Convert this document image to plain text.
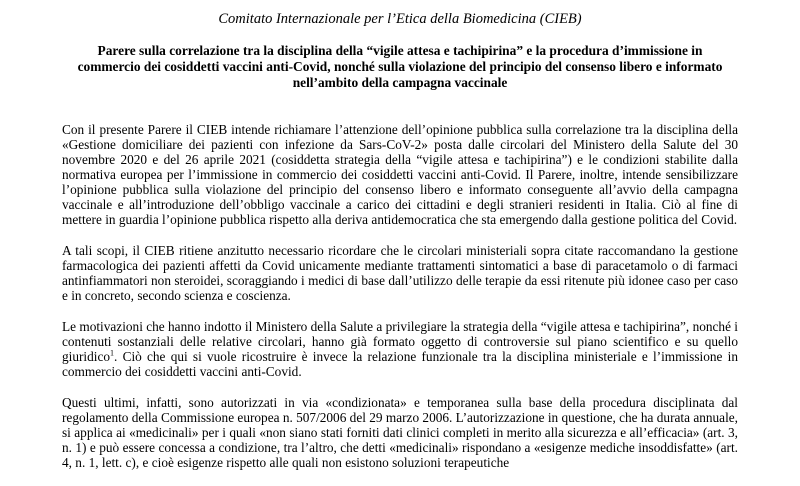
Comitato Internazionale per l’Etica della Biomedicina (CIEB)
Parere sulla correlazione tra la disciplina della “vigile attesa e tachipirina” e la procedura d’immissione in commercio dei cosiddetti vaccini anti-Covid, nonché sulla violazione del principio del consenso libero e informato nell’ambito della campagna vaccinale

Con il presente Parere il CIEB intende richiamare l’attenzione dell’opinione pubblica sulla correlazione tra la disciplina della «Gestione domiciliare dei pazienti con infezione da Sars-CoV-2» posta dalle circolari del Ministero della Salute del 30 novembre 2020 e del 26 aprile 2021 (cosiddetta strategia della “vigile attesa e tachipirina”) e le condizioni stabilite dalla normativa europea per l’immissione in commercio dei cosiddetti vaccini anti-Covid. Il Parere, inoltre, intende sensibilizzare l’opinione pubblica sulla violazione del principio del consenso libero e informato conseguente all’avvio della campagna vaccinale e all’introduzione dell’obbligo vaccinale a carico dei cittadini e degli stranieri residenti in Italia. Ciò al fine di mettere in guardia l’opinione pubblica rispetto alla deriva antidemocratica che sta emergendo dalla gestione politica del Covid.

A tali scopi, il CIEB ritiene anzitutto necessario ricordare che le circolari ministeriali sopra citate raccomandano la gestione farmacologica dei pazienti affetti da Covid unicamente mediante trattamenti sintomatici a base di paracetamolo o di farmaci antinfiammatori non steroidei, scoraggiando i medici di base dall’utilizzo delle terapie da essi ritenute più idonee caso per caso e in concreto, secondo scienza e coscienza.

Le motivazioni che hanno indotto il Ministero della Salute a privilegiare la strategia della “vigile attesa e tachipirina”, nonché i contenuti sostanziali delle relative circolari, hanno già formato oggetto di controversie sul piano scientifico e su quello giuridico$^1$. Ciò che qui si vuole ricostruire è invece la relazione funzionale tra la disciplina ministeriale e l’immissione in commercio dei cosiddetti vaccini anti-Covid.

Questi ultimi, infatti, sono autorizzati in via «condizionata» e temporanea sulla base della procedura disciplinata dal regolamento della Commissione europea n. 507/2006 del 29 marzo 2006. L’autorizzazione in questione, che ha durata annuale, si applica ai «medicinali» per i quali «non siano stati forniti dati clinici completi in merito alla sicurezza e all’efficacia» (art. 3, n. 1) e può essere concessa a condizione, tra l’altro, che detti «medicinali» rispondano a «esigenze mediche insoddisfatte» (art. 4, n. 1, lett. c), e cioè esigenze rispetto alle quali non esistono soluzioni terapeutiche
